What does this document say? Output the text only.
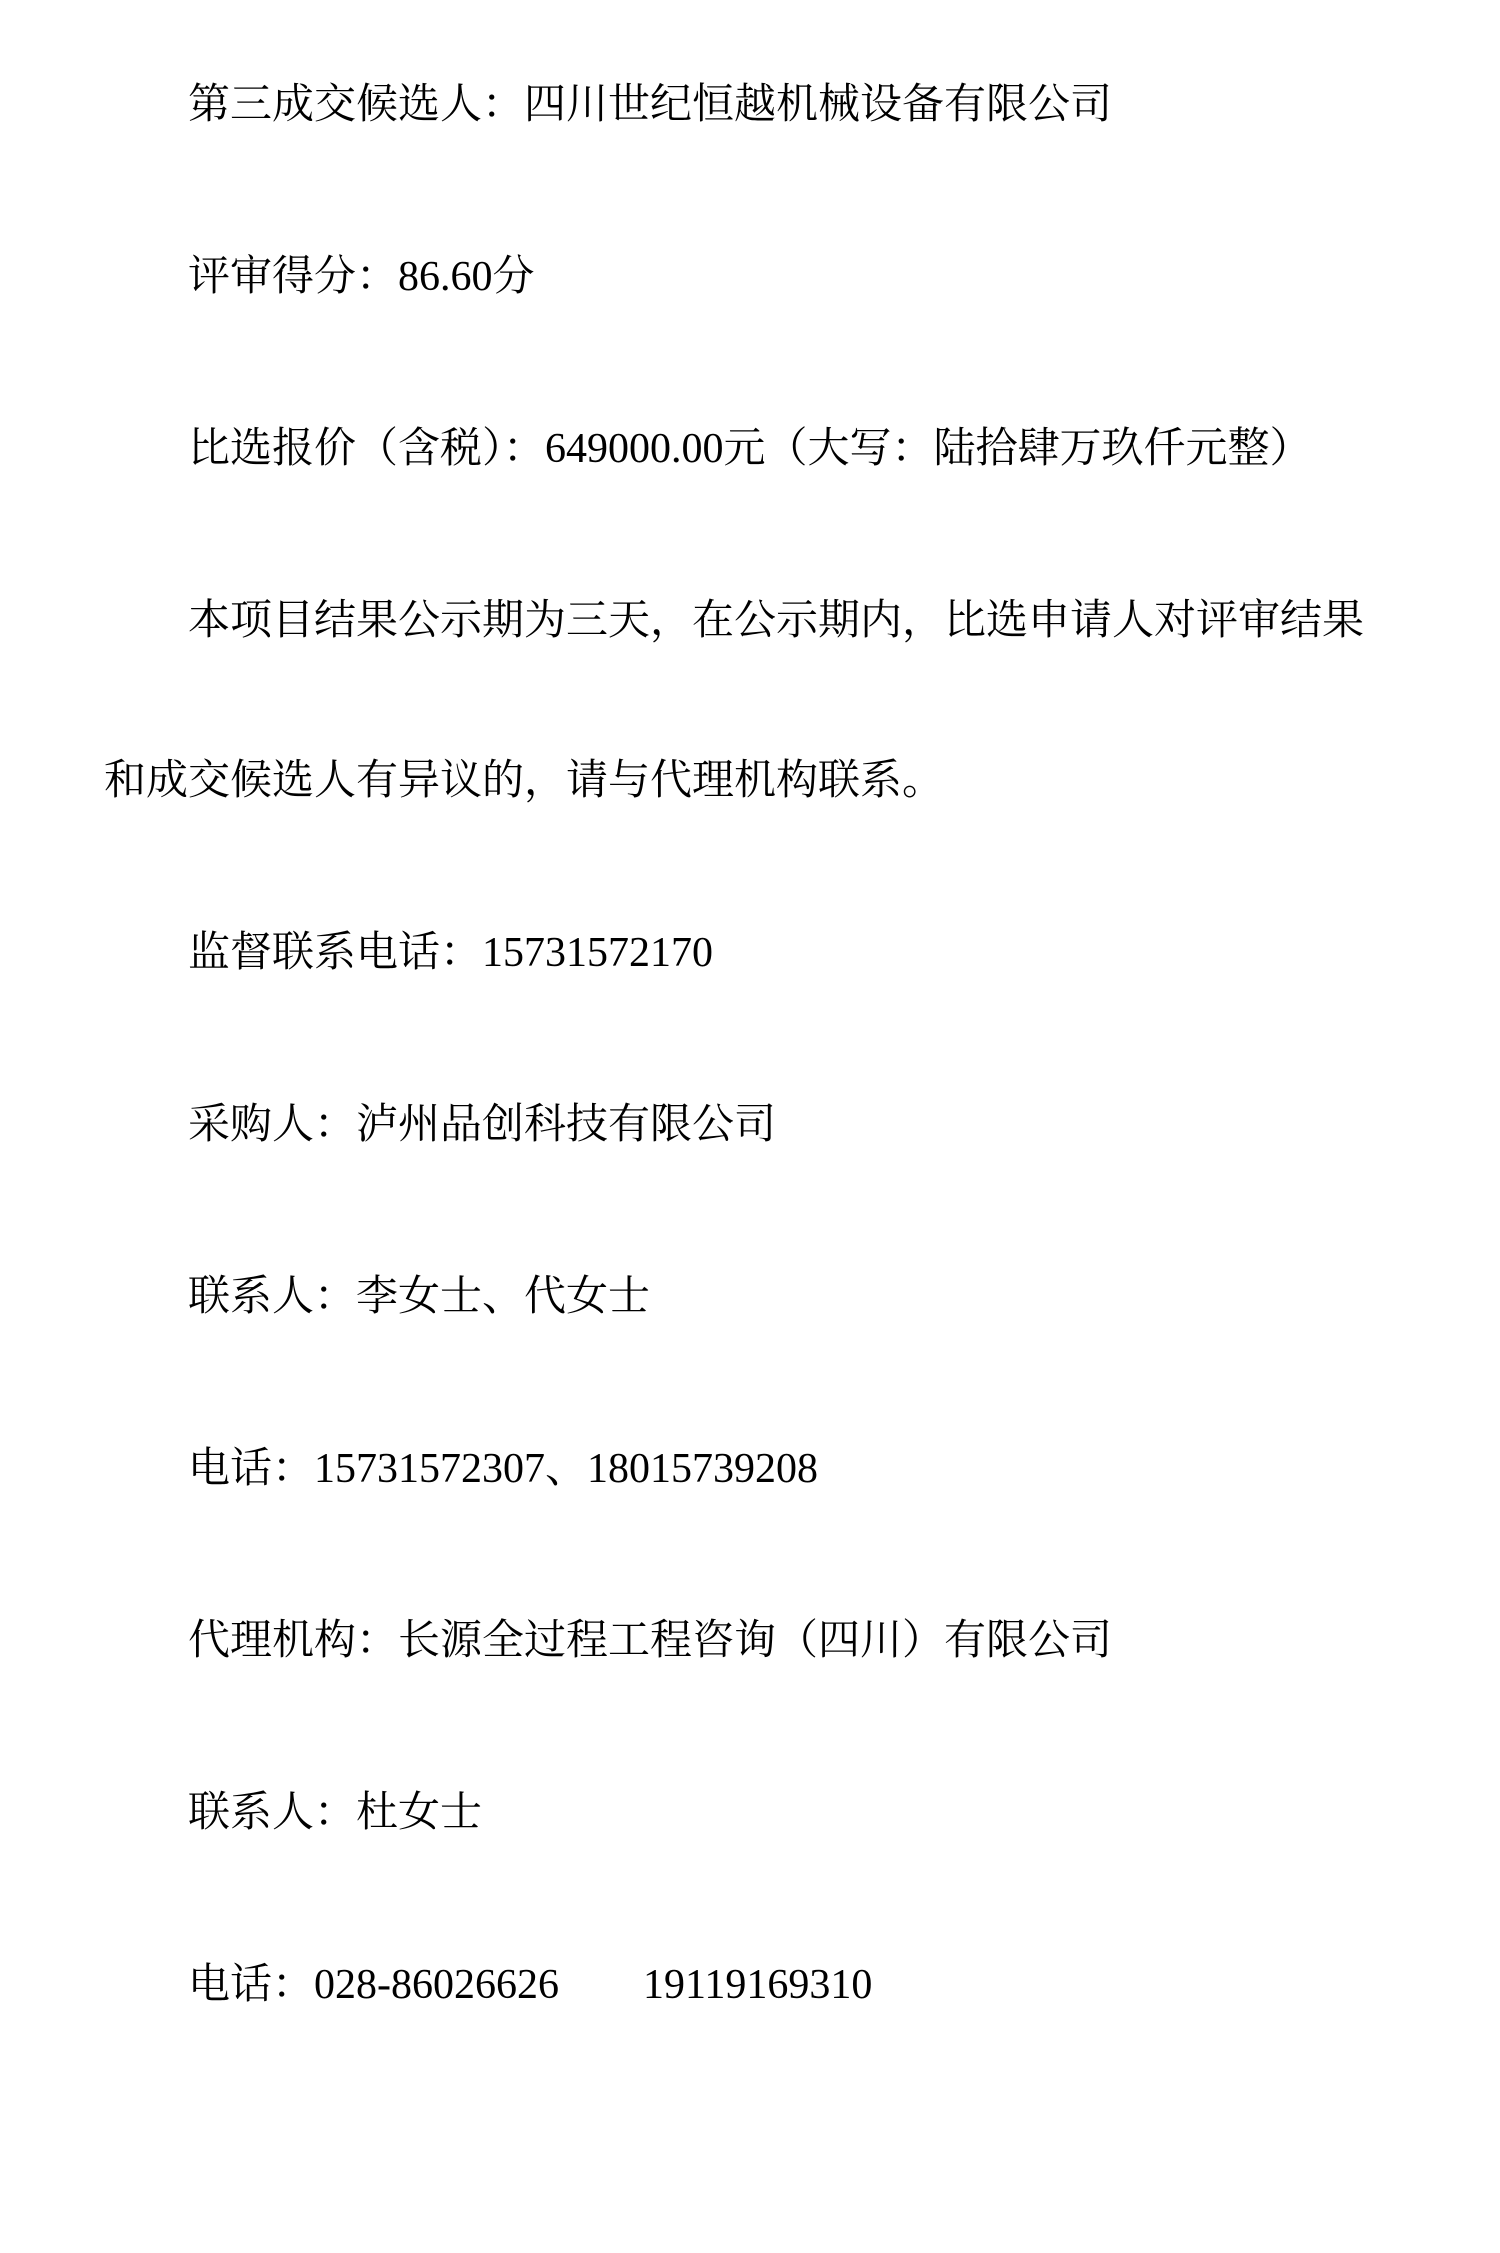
第三成交候选人：四川世纪恒越机械设备有限公司

评审得分：86.60分

比选报价（含税）：649000.00元（大写：陆拾肆万玖仟元整）

本项目结果公示期为三天，在公示期内，比选申请人对评审结果和成交候选人有异议的，请与代理机构联系。

监督联系电话：15731572170

采购人：泸州品创科技有限公司

联系人：李女士、代女士

电话：15731572307、18015739208

代理机构：长源全过程工程咨询（四川）有限公司

联系人：杜女士

电话：028-86026626　　19119169310
